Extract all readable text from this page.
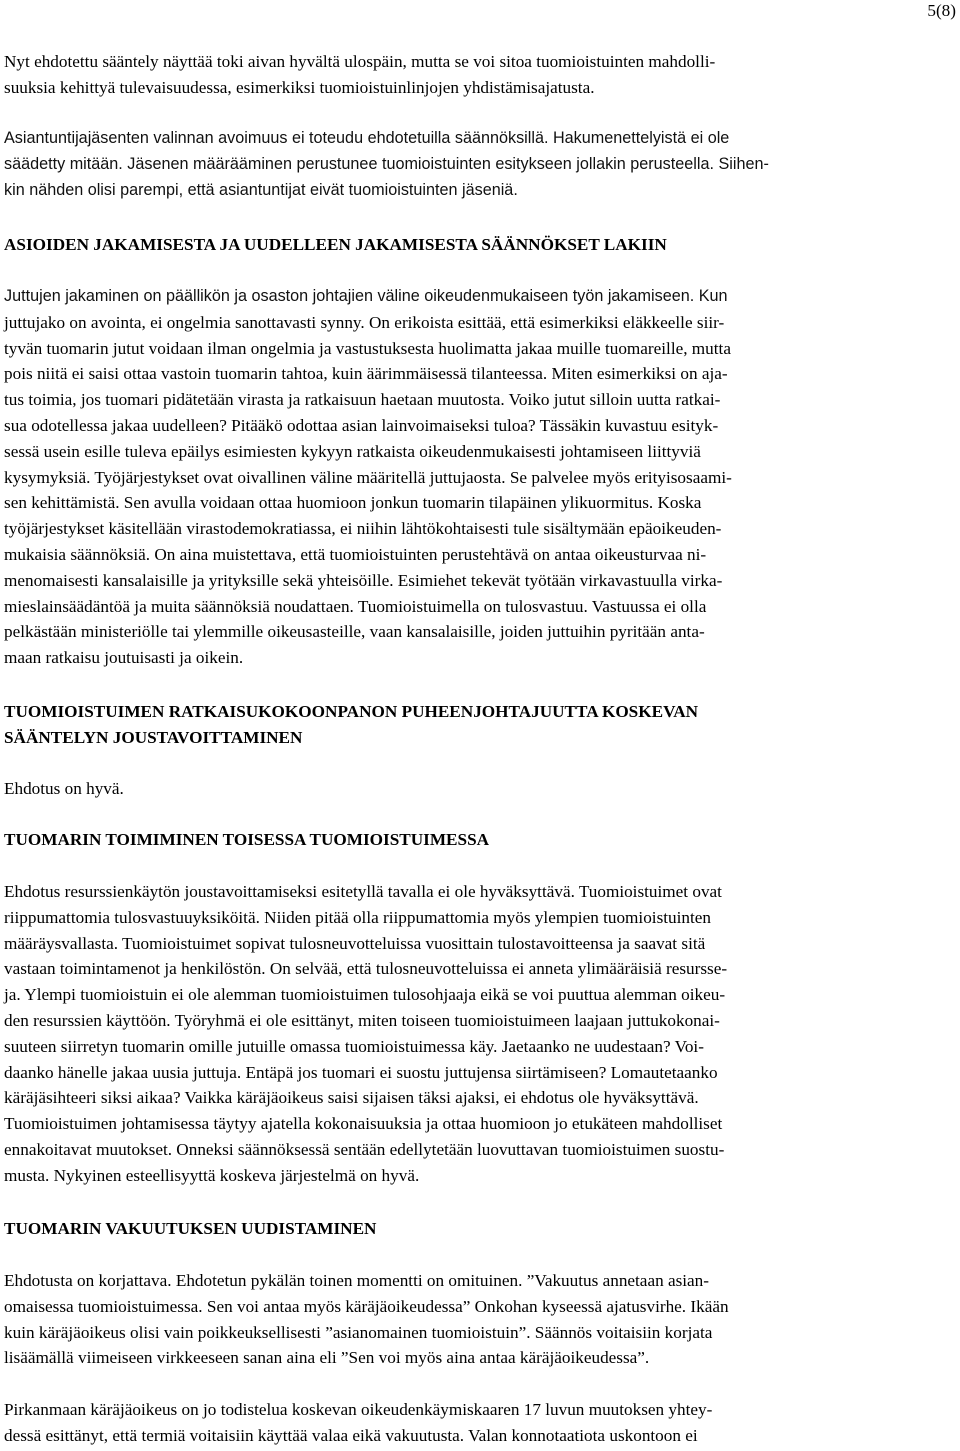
5(8)

Nyt ehdotettu sääntely näyttää toki aivan hyvältä ulospäin, mutta se voi sitoa tuomioistuinten mahdolli-
suuksia kehittyä tulevaisuudessa, esimerkiksi tuomioistuinlinjojen yhdistämisajatusta.

Asiantuntijajäsenten valinnan avoimuus ei toteudu ehdotetuilla säännöksillä. Hakumenettelyistä ei ole
säädetty mitään. Jäsenen määrääminen perustunee tuomioistuinten esitykseen jollakin perusteella. Siihen-
kin nähden olisi parempi, että asiantuntijat eivät tuomioistuinten jäseniä.

ASIOIDEN JAKAMISESTA JA UUDELLEEN JAKAMISESTA SÄÄNNÖKSET LAKIIN

Juttujen jakaminen on päällikön ja osaston johtajien väline oikeudenmukaiseen työn jakamiseen. Kun
juttujako on avointa, ei ongelmia sanottavasti synny. On erikoista esittää, että esimerkiksi eläkkeelle siir-
tyvän tuomarin jutut voidaan ilman ongelmia ja vastustuksesta huolimatta jakaa muille tuomareille, mutta
pois niitä ei saisi ottaa vastoin tuomarin tahtoa, kuin äärimmäisessä tilanteessa. Miten esimerkiksi on aja-
tus toimia, jos tuomari pidätetään virasta ja ratkaisuun haetaan muutosta. Voiko jutut silloin uutta ratkai-
sua odotellessa jakaa uudelleen? Pitääkö odottaa asian lainvoimaiseksi tuloa? Tässäkin kuvastuu esityk-
sessä usein esille tuleva epäilys esimiesten kykyyn ratkaista oikeudenmukaisesti johtamiseen liittyviä
kysymyksiä. Työjärjestykset ovat oivallinen väline määritellä juttujaosta. Se palvelee myös erityisosaami-
sen kehittämistä. Sen avulla voidaan ottaa huomioon jonkun tuomarin tilapäinen ylikuormitus. Koska
työjärjestykset käsitellään virastodemokratiassa, ei niihin lähtökohtaisesti tule sisältymään epäoikeuden-
mukaisia säännöksiä. On aina muistettava, että tuomioistuinten perustehtävä on antaa oikeusturvaa ni-
menomaisesti kansalaisille ja yrityksille sekä yhteisöille. Esimiehet tekevät työtään virkavastuulla virka-
mieslainsäädäntöä ja muita säännöksiä noudattaen. Tuomioistuimella on tulosvastuu. Vastuussa ei olla
pelkästään ministeriölle tai ylemmille oikeusasteille, vaan kansalaisille, joiden juttuihin pyritään anta-
maan ratkaisu joutuisasti ja oikein.

TUOMIOISTUIMEN RATKAISUKOKOONPANON PUHEENJOHTAJUUTTA KOSKEVAN
SÄÄNTELYN JOUSTAVOITTAMINEN

Ehdotus on hyvä.

TUOMARIN TOIMIMINEN TOISESSA TUOMIOISTUIMESSA

Ehdotus resurssienkäytön joustavoittamiseksi esitetyllä tavalla ei ole hyväksyttävä. Tuomioistuimet ovat
riippumattomia tulosvastuuyksiköitä. Niiden pitää olla riippumattomia myös ylempien tuomioistuinten
määräysvallasta. Tuomioistuimet sopivat tulosneuvotteluissa vuosittain tulostavoitteensa ja saavat sitä
vastaan toimintamenot ja henkilöstön. On selvää, että tulosneuvotteluissa ei anneta ylimääräisiä resursse-
ja. Ylempi tuomioistuin ei ole alemman tuomioistuimen tulosohjaaja eikä se voi puuttua alemman oikeu-
den resurssien käyttöön. Työryhmä ei ole esittänyt, miten toiseen tuomioistuimeen laajaan juttukokonai-
suuteen siirretyn tuomarin omille jutuille omassa tuomioistuimessa käy. Jaetaanko ne uudestaan? Voi-
daanko hänelle jakaa uusia juttuja. Entäpä jos tuomari ei suostu juttujensa siirtämiseen? Lomautetaanko
käräjäsihteeri siksi aikaa? Vaikka käräjäoikeus saisi sijaisen täksi ajaksi, ei ehdotus ole hyväksyttävä.
Tuomioistuimen johtamisessa täytyy ajatella kokonaisuuksia ja ottaa huomioon jo etukäteen mahdolliset
ennakoitavat muutokset. Onneksi säännöksessä sentään edellytetään luovuttavan tuomioistuimen suostu-
musta. Nykyinen esteellisyyttä koskeva järjestelmä on hyvä.

TUOMARIN VAKUUTUKSEN UUDISTAMINEN

Ehdotusta on korjattava. Ehdotetun pykälän toinen momentti on omituinen. ”Vakuutus annetaan asian-
omaisessa tuomioistuimessa. Sen voi antaa myös käräjäoikeudessa” Onkohan kyseessä ajatusvirhe. Ikään
kuin käräjäoikeus olisi vain poikkeuksellisesti ”asianomainen tuomioistuin”. Säännös voitaisiin korjata
lisäämällä viimeiseen virkkeeseen sanan aina eli ”Sen voi myös aina antaa käräjäoikeudessa”.

Pirkanmaan käräjäoikeus on jo todistelua koskevan oikeudenkäymiskaaren 17 luvun muutoksen yhtey-
dessä esittänyt, että termiä voitaisiin käyttää valaa eikä vakuutusta. Valan konnotaatiota uskontoon ei
